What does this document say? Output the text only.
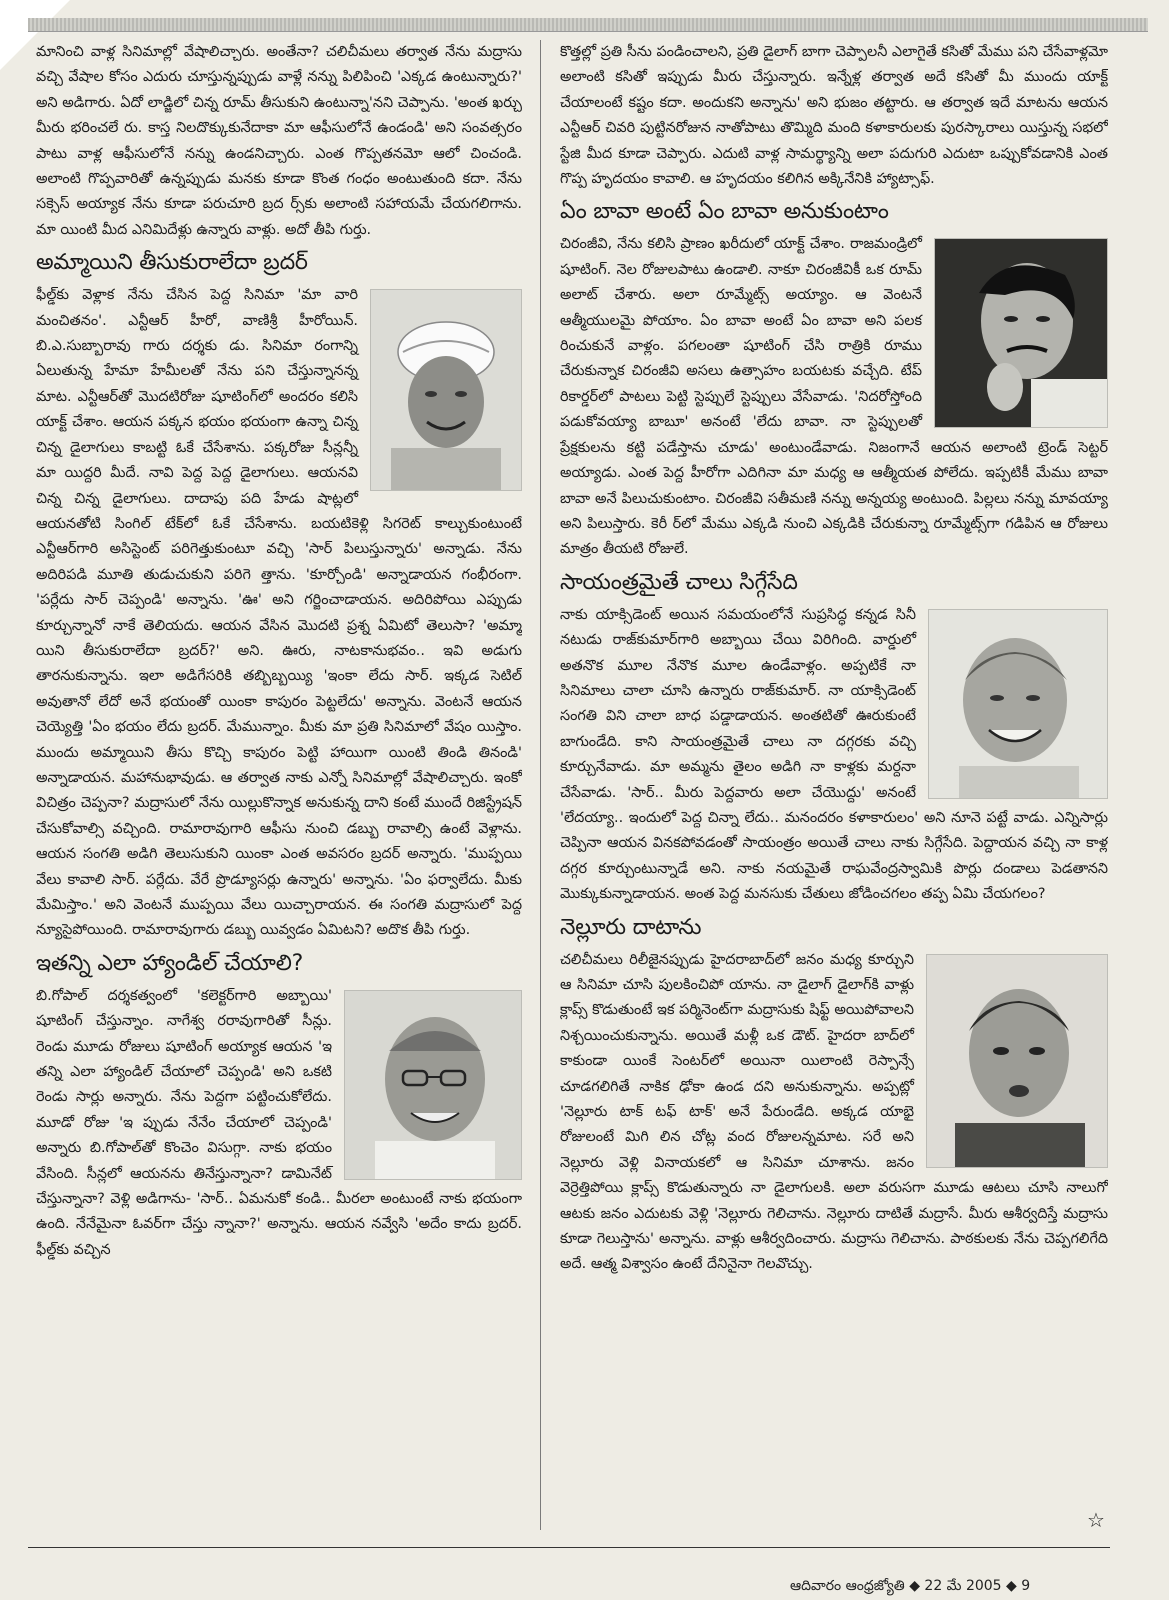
మానించి వాళ్ల సినిమాల్లో వేషాలిచ్చారు. అంతేనా? చలిచీమలు తర్వాత నేను మద్రాసు వచ్చి వేషాల కోసం ఎదురు చూస్తున్నప్పుడు వాళ్లే నన్ను పిలిపించి 'ఎక్కడ ఉంటున్నారు?' అని అడిగారు. ఏదో లాడ్జిలో చిన్న రూమ్ తీసుకుని ఉంటున్నా'నని చెప్పాను. 'అంత ఖర్చు మీరు భరించలే రు. కాస్త నిలదొక్కుకునేదాకా మా ఆఫీసులోనే ఉండండి' అని సంవత్సరం పాటు వాళ్ల ఆఫీసులోనే నన్ను ఉండనిచ్చారు. ఎంత గొప్పతనమో ఆలో చించండి. అలాంటి గొప్పవారితో ఉన్నప్పుడు మనకు కూడా కొంత గంధం అంటుతుంది కదా. నేను సక్సెస్ అయ్యాక నేను కూడా పరుచూరి బ్రద ర్స్‌కు అలాంటి సహాయమే చేయగలిగాను. మా యింటి మీద ఎనిమిదేళ్లు ఉన్నారు వాళ్లు. అదో తీపి గుర్తు.

అమ్మాయిని తీసుకురాలేదా బ్రదర్

ఫీల్డ్‌కు వెళ్లాక నేను చేసిన పెద్ద సినిమా 'మా వారి మంచితనం'. ఎన్టీఆర్ హీరో, వాణిశ్రీ హీరోయిన్. బి.ఎ.సుబ్బారావు గారు దర్శకు డు. సినిమా రంగాన్ని ఏలుతున్న హేమా హేమీలతో నేను పని చేస్తున్నానన్న మాట. ఎన్టీఆర్‌తో మొదటిరోజు షూటింగ్‌లో అందరం కలిసి యాక్ట్ చేశాం. ఆయన పక్కన భయం భయంగా ఉన్నా చిన్న చిన్న డైలాగులు కాబట్టి ఓకే చేసేశాను. పక్కరోజు సీన్లన్నీ మా యిద్దరి మీదే. నావి పెద్ద పెద్ద డైలాగులు. ఆయనవి చిన్న చిన్న డైలాగులు. దాదాపు పది హేడు షాట్లలో ఆయనతోటి సింగిల్ టేక్‌లో ఓకే చేసేశాను. బయటికెళ్లి సిగరెట్ కాల్చుకుంటుంటే ఎన్టీఆర్‌గారి అసిస్టెంట్ పరిగెత్తుకుంటూ వచ్చి 'సార్ పిలుస్తున్నారు' అన్నాడు. నేను అదిరిపడి మూతి తుడుచుకుని పరిగె త్తాను. 'కూర్చోండి' అన్నాడాయన గంభీరంగా. 'పర్లేదు సార్ చెప్పండి' అన్నాను. 'ఊ' అని గర్జించాడాయన. అదిరిపోయి ఎప్పుడు కూర్చున్నానో నాకే తెలియదు. ఆయన వేసిన మొదటి ప్రశ్న ఏమిటో తెలుసా? 'అమ్మా యిని తీసుకురాలేదా బ్రదర్?' అని. ఊరు, నాటకానుభవం.. ఇవి అడుగు తారనుకున్నాను. ఇలా అడిగేసరికి తబ్బిబ్బయ్యి 'ఇంకా లేదు సార్. ఇక్కడ సెటిల్ అవుతానో లేదో అనే భయంతో యింకా కాపురం పెట్టలేదు' అన్నాను. వెంటనే ఆయన చెయ్యెత్తి 'ఏం భయం లేదు బ్రదర్. మేమున్నాం. మీకు మా ప్రతి సినిమాలో వేషం యిస్తాం. ముందు అమ్మాయిని తీసు కొచ్చి కాపురం పెట్టి హాయిగా యింటి తిండి తినండి' అన్నాడాయన. మహానుభావుడు. ఆ తర్వాత నాకు ఎన్నో సినిమాల్లో వేషాలిచ్చారు. ఇంకో విచిత్రం చెప్పనా? మద్రాసులో నేను యిల్లుకొన్నాక అనుకున్న దాని కంటే ముందే రిజిస్ట్రేషన్ చేసుకోవాల్సి వచ్చింది. రామారావుగారి ఆఫీసు నుంచి డబ్బు రావాల్సి ఉంటే వెళ్లాను. ఆయన సంగతి అడిగి తెలుసుకుని యింకా ఎంత అవసరం బ్రదర్ అన్నారు. 'ముప్పయి వేలు కావాలి సార్. పర్లేదు. వేరే ప్రొడ్యూసర్లు ఉన్నారు' అన్నాను. 'ఏం ఫర్వాలేదు. మీకు మేమిస్తాం.' అని వెంటనే ముప్పయి వేలు యిచ్చారాయన. ఈ సంగతి మద్రాసులో పెద్ద న్యూసైపోయింది. రామారావుగారు డబ్బు యివ్వడం ఏమిటని? అదొక తీపి గుర్తు.

ఇతన్ని ఎలా హ్యాండిల్ చేయాలి?

బి.గోపాల్ దర్శకత్వంలో 'కలెక్టర్‌గారి అబ్బాయి' షూటింగ్ చేస్తున్నాం. నాగేశ్వ రరావుగారితో సీన్లు. రెండు మూడు రోజులు షూటింగ్ అయ్యాక ఆయన 'ఇ తన్ని ఎలా హ్యాండిల్ చేయాలో చెప్పండి' అని ఒకటి రెండు సార్లు అన్నారు. నేను పెద్దగా పట్టించుకోలేదు. మూడో రోజు 'ఇ ప్పుడు నేనేం చేయాలో చెప్పండి' అన్నారు బి.గోపాల్‌తో కొంచెం విసుగ్గా. నాకు భయం వేసింది. సీన్లలో ఆయనను తినేస్తున్నానా? డామినేట్ చేస్తున్నానా? వెళ్లి అడిగాను- 'సార్.. ఏమనుకో కండి.. మీరలా అంటుంటే నాకు భయంగా ఉంది. నేనేమైనా ఓవర్‌గా చేస్తు న్నానా?' అన్నాను. ఆయన నవ్వేసి 'అదేం కాదు బ్రదర్. ఫీల్డ్‌కు వచ్చిన

కొత్తల్లో ప్రతి సీను పండించాలని, ప్రతి డైలాగ్ బాగా చెప్పాలనీ ఎలాగైతే కసితో మేము పని చేసేవాళ్లమో అలాంటి కసితో ఇప్పుడు మీరు చేస్తున్నారు. ఇన్నేళ్ల తర్వాత అదే కసితో మీ ముందు యాక్ట్ చేయాలంటే కష్టం కదా. అందుకని అన్నాను' అని భుజం తట్టారు. ఆ తర్వాత ఇదే మాటను ఆయన ఎన్టీఆర్ చివరి పుట్టినరోజున నాతోపాటు తొమ్మిది మంది కళాకారులకు పురస్కారాలు యిస్తున్న సభలో స్టేజి మీద కూడా చెప్పారు. ఎదుటి వాళ్ల సామర్థ్యాన్ని అలా పదుగురి ఎదుటా ఒప్పుకోవడానికి ఎంత గొప్ప హృదయం కావాలి. ఆ హృదయం కలిగిన అక్కినేనికి హ్యాట్సాఫ్.

ఏం బావా అంటే ఏం బావా అనుకుంటాం

చిరంజీవి, నేను కలిసి ప్రాణం ఖరీదులో యాక్ట్ చేశాం. రాజమండ్రిలో షూటింగ్. నెల రోజులపాటు ఉండాలి. నాకూ చిరంజీవికీ ఒక రూమ్ అలాట్ చేశారు. అలా రూమ్మేట్స్ అయ్యాం. ఆ వెంటనే ఆత్మీయులమై పోయాం. ఏం బావా అంటే ఏం బావా అని పలక రించుకునే వాళ్లం. పగలంతా షూటింగ్ చేసి రాత్రికి రూము చేరుకున్నాక చిరంజీవి అసలు ఉత్సాహం బయటకు వచ్చేది. టేప్ రికార్డర్‌లో పాటలు పెట్టి స్టెప్పులే స్టెప్పులు వేసేవాడు. 'నిదరోస్తోంది పడుకోవయ్యా బాబూ' అనంటే 'లేదు బావా. నా స్టెప్పులతో ప్రేక్షకులను కట్టి పడేస్తాను చూడు' అంటుండేవాడు. నిజంగానే ఆయన అలాంటి ట్రెండ్ సెట్టర్ అయ్యాడు. ఎంత పెద్ద హీరోగా ఎదిగినా మా మధ్య ఆ ఆత్మీయత పోలేదు. ఇప్పటికీ మేము బావా బావా అనే పిలుచుకుంటాం. చిరంజీవి సతీమణి నన్ను అన్నయ్య అంటుంది. పిల్లలు నన్ను మావయ్యా అని పిలుస్తారు. కెరీ ర్‌లో మేము ఎక్కడి నుంచి ఎక్కడికి చేరుకున్నా రూమ్మేట్స్‌గా గడిపిన ఆ రోజులు మాత్రం తీయటి రోజులే.

సాయంత్రమైతే చాలు సిగ్గేసేది

నాకు యాక్సిడెంట్ అయిన సమయంలోనే సుప్రసిద్ధ కన్నడ సినీ నటుడు రాజ్‌కుమార్‌గారి అబ్బాయి చేయి విరిగింది. వార్డులో అతనొక మూల నేనొక మూల ఉండేవాళ్లం. అప్పటికే నా సినిమాలు చాలా చూసి ఉన్నారు రాజ్‌కుమార్. నా యాక్సిడెంట్ సంగతి విని చాలా బాధ పడ్డాడాయన. అంతటితో ఊరుకుంటే బాగుండేది. కాని సాయంత్రమైతే చాలు నా దగ్గరకు వచ్చి కూర్చునేవాడు. మా అమ్మను తైలం అడిగి నా కాళ్లకు మర్దనా చేసేవాడు. 'సార్.. మీరు పెద్దవారు అలా చేయొద్దు' అనంటే 'లేదయ్యా.. ఇందులో పెద్ద చిన్నా లేదు.. మనందరం కళాకారులం' అని నూనె పట్టే వాడు. ఎన్నిసార్లు చెప్పినా ఆయన వినకపోవడంతో సాయంత్రం అయితే చాలు నాకు సిగ్గేసేది. పెద్దాయన వచ్చి నా కాళ్ల దగ్గర కూర్చుంటున్నాడే అని. నాకు నయమైతే రాఘవేంద్రస్వామికి పొర్లు దండాలు పెడతానని మొక్కుకున్నాడాయన. అంత పెద్ద మనసుకు చేతులు జోడించగలం తప్ప ఏమి చేయగలం?

నెల్లూరు దాటాను

చలిచీమలు రిలీజైనప్పుడు హైదరాబాద్‌లో జనం మధ్య కూర్చుని ఆ సినిమా చూసి పులకించిపో యాను. నా డైలాగ్ డైలాగ్‌కి వాళ్లు క్లాప్స్ కొడుతుంటే ఇక పర్మినెంట్‌గా మద్రాసుకు షిఫ్ట్ అయిపోవాలని నిశ్చయించుకున్నాను. అయితే మళ్లీ ఒక డౌట్. హైదరా బాద్‌లో కాకుండా యింకే సెంటర్‌లో అయినా యిలాంటి రెస్పాన్సే చూడగలిగితే నాకిక ఢోకా ఉండ దని అనుకున్నాను. అప్పట్లో 'నెల్లూరు టాక్ టఫ్ టాక్' అనే పేరుండేది. అక్కడ యాభై రోజులంటే మిగి లిన చోట్ల వంద రోజులన్నమాట. సరే అని నెల్లూరు వెళ్లి వినాయకలో ఆ సినిమా చూశాను. జనం వెర్రెత్తిపోయి క్లాప్స్ కొడుతున్నారు నా డైలాగులకి. అలా వరుసగా మూడు ఆటలు చూసి నాలుగో ఆటకు జనం ఎదుటకు వెళ్లి 'నెల్లూరు గెలిచాను. నెల్లూరు దాటితే మద్రాసే. మీరు ఆశీర్వదిస్తే మద్రాసు కూడా గెలుస్తాను' అన్నాను. వాళ్లు ఆశీర్వదించారు. మద్రాసు గెలిచాను. పాఠకులకు నేను చెప్పగలిగేది అదే. ఆత్మ విశ్వాసం ఉంటే దేనినైనా గెలవొచ్చు.

☆
ఆదివారం ఆంధ్రజ్యోతి ◆ 22 మే 2005 ◆ 9
